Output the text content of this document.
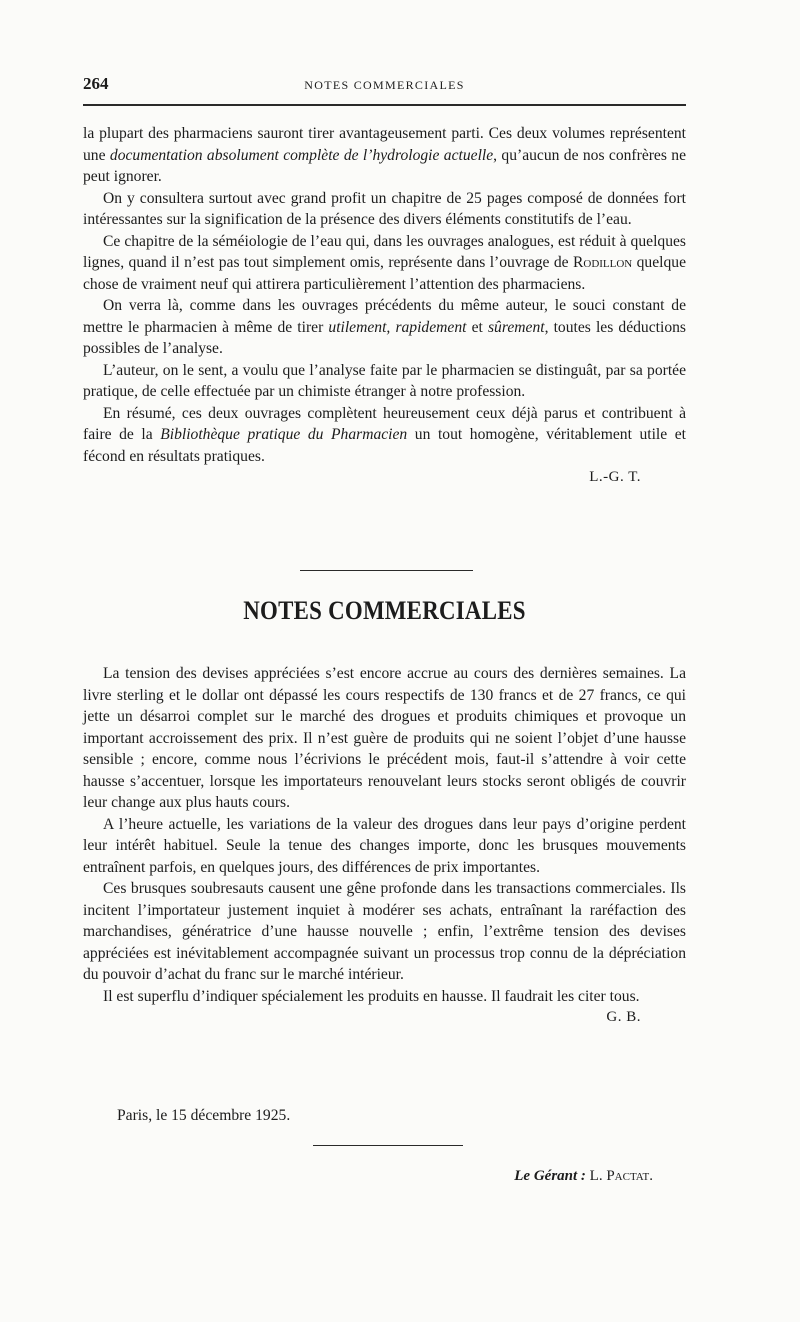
264	NOTES COMMERCIALES

la plupart des pharmaciens sauront tirer avantageusement parti. Ces deux volumes représentent une documentation absolument complète de l’hydrologie actuelle, qu’aucun de nos confrères ne peut ignorer.

On y consultera surtout avec grand profit un chapitre de 25 pages composé de données fort intéressantes sur la signification de la présence des divers éléments constitutifs de l’eau.

Ce chapitre de la séméiologie de l’eau qui, dans les ouvrages analogues, est réduit à quelques lignes, quand il n’est pas tout simplement omis, représente dans l’ouvrage de Rodillon quelque chose de vraiment neuf qui attirera particulièrement l’attention des pharmaciens.

On verra là, comme dans les ouvrages précédents du même auteur, le souci constant de mettre le pharmacien à même de tirer utilement, rapidement et sûrement, toutes les déductions possibles de l’analyse.

L’auteur, on le sent, a voulu que l’analyse faite par le pharmacien se distinguât, par sa portée pratique, de celle effectuée par un chimiste étranger à notre profession.

En résumé, ces deux ouvrages complètent heureusement ceux déjà parus et contribuent à faire de la Bibliothèque pratique du Pharmacien un tout homogène, véritablement utile et fécond en résultats pratiques.

L.-G. T.
NOTES COMMERCIALES

La tension des devises appréciées s’est encore accrue au cours des dernières semaines. La livre sterling et le dollar ont dépassé les cours respectifs de 130 francs et de 27 francs, ce qui jette un désarroi complet sur le marché des drogues et produits chimiques et provoque un important accroissement des prix. Il n’est guère de produits qui ne soient l’objet d’une hausse sensible ; encore, comme nous l’écrivions le précédent mois, faut-il s’attendre à voir cette hausse s’accentuer, lorsque les importateurs renouvelant leurs stocks seront obligés de couvrir leur change aux plus hauts cours.

A l’heure actuelle, les variations de la valeur des drogues dans leur pays d’origine perdent leur intérêt habituel. Seule la tenue des changes importe, donc les brusques mouvements entraînent parfois, en quelques jours, des différences de prix importantes.

Ces brusques soubresauts causent une gêne profonde dans les transactions commerciales. Ils incitent l’importateur justement inquiet à modérer ses achats, entraînant la raréfaction des marchandises, génératrice d’une hausse nouvelle ; enfin, l’extrême tension des devises appréciées est inévitablement accompagnée suivant un processus trop connu de la dépréciation du pouvoir d’achat du franc sur le marché intérieur.

Il est superflu d’indiquer spécialement les produits en hausse. Il faudrait les citer tous.

G. B.
Paris, le 15 décembre 1925.
Le Gérant : L. Pactat.
